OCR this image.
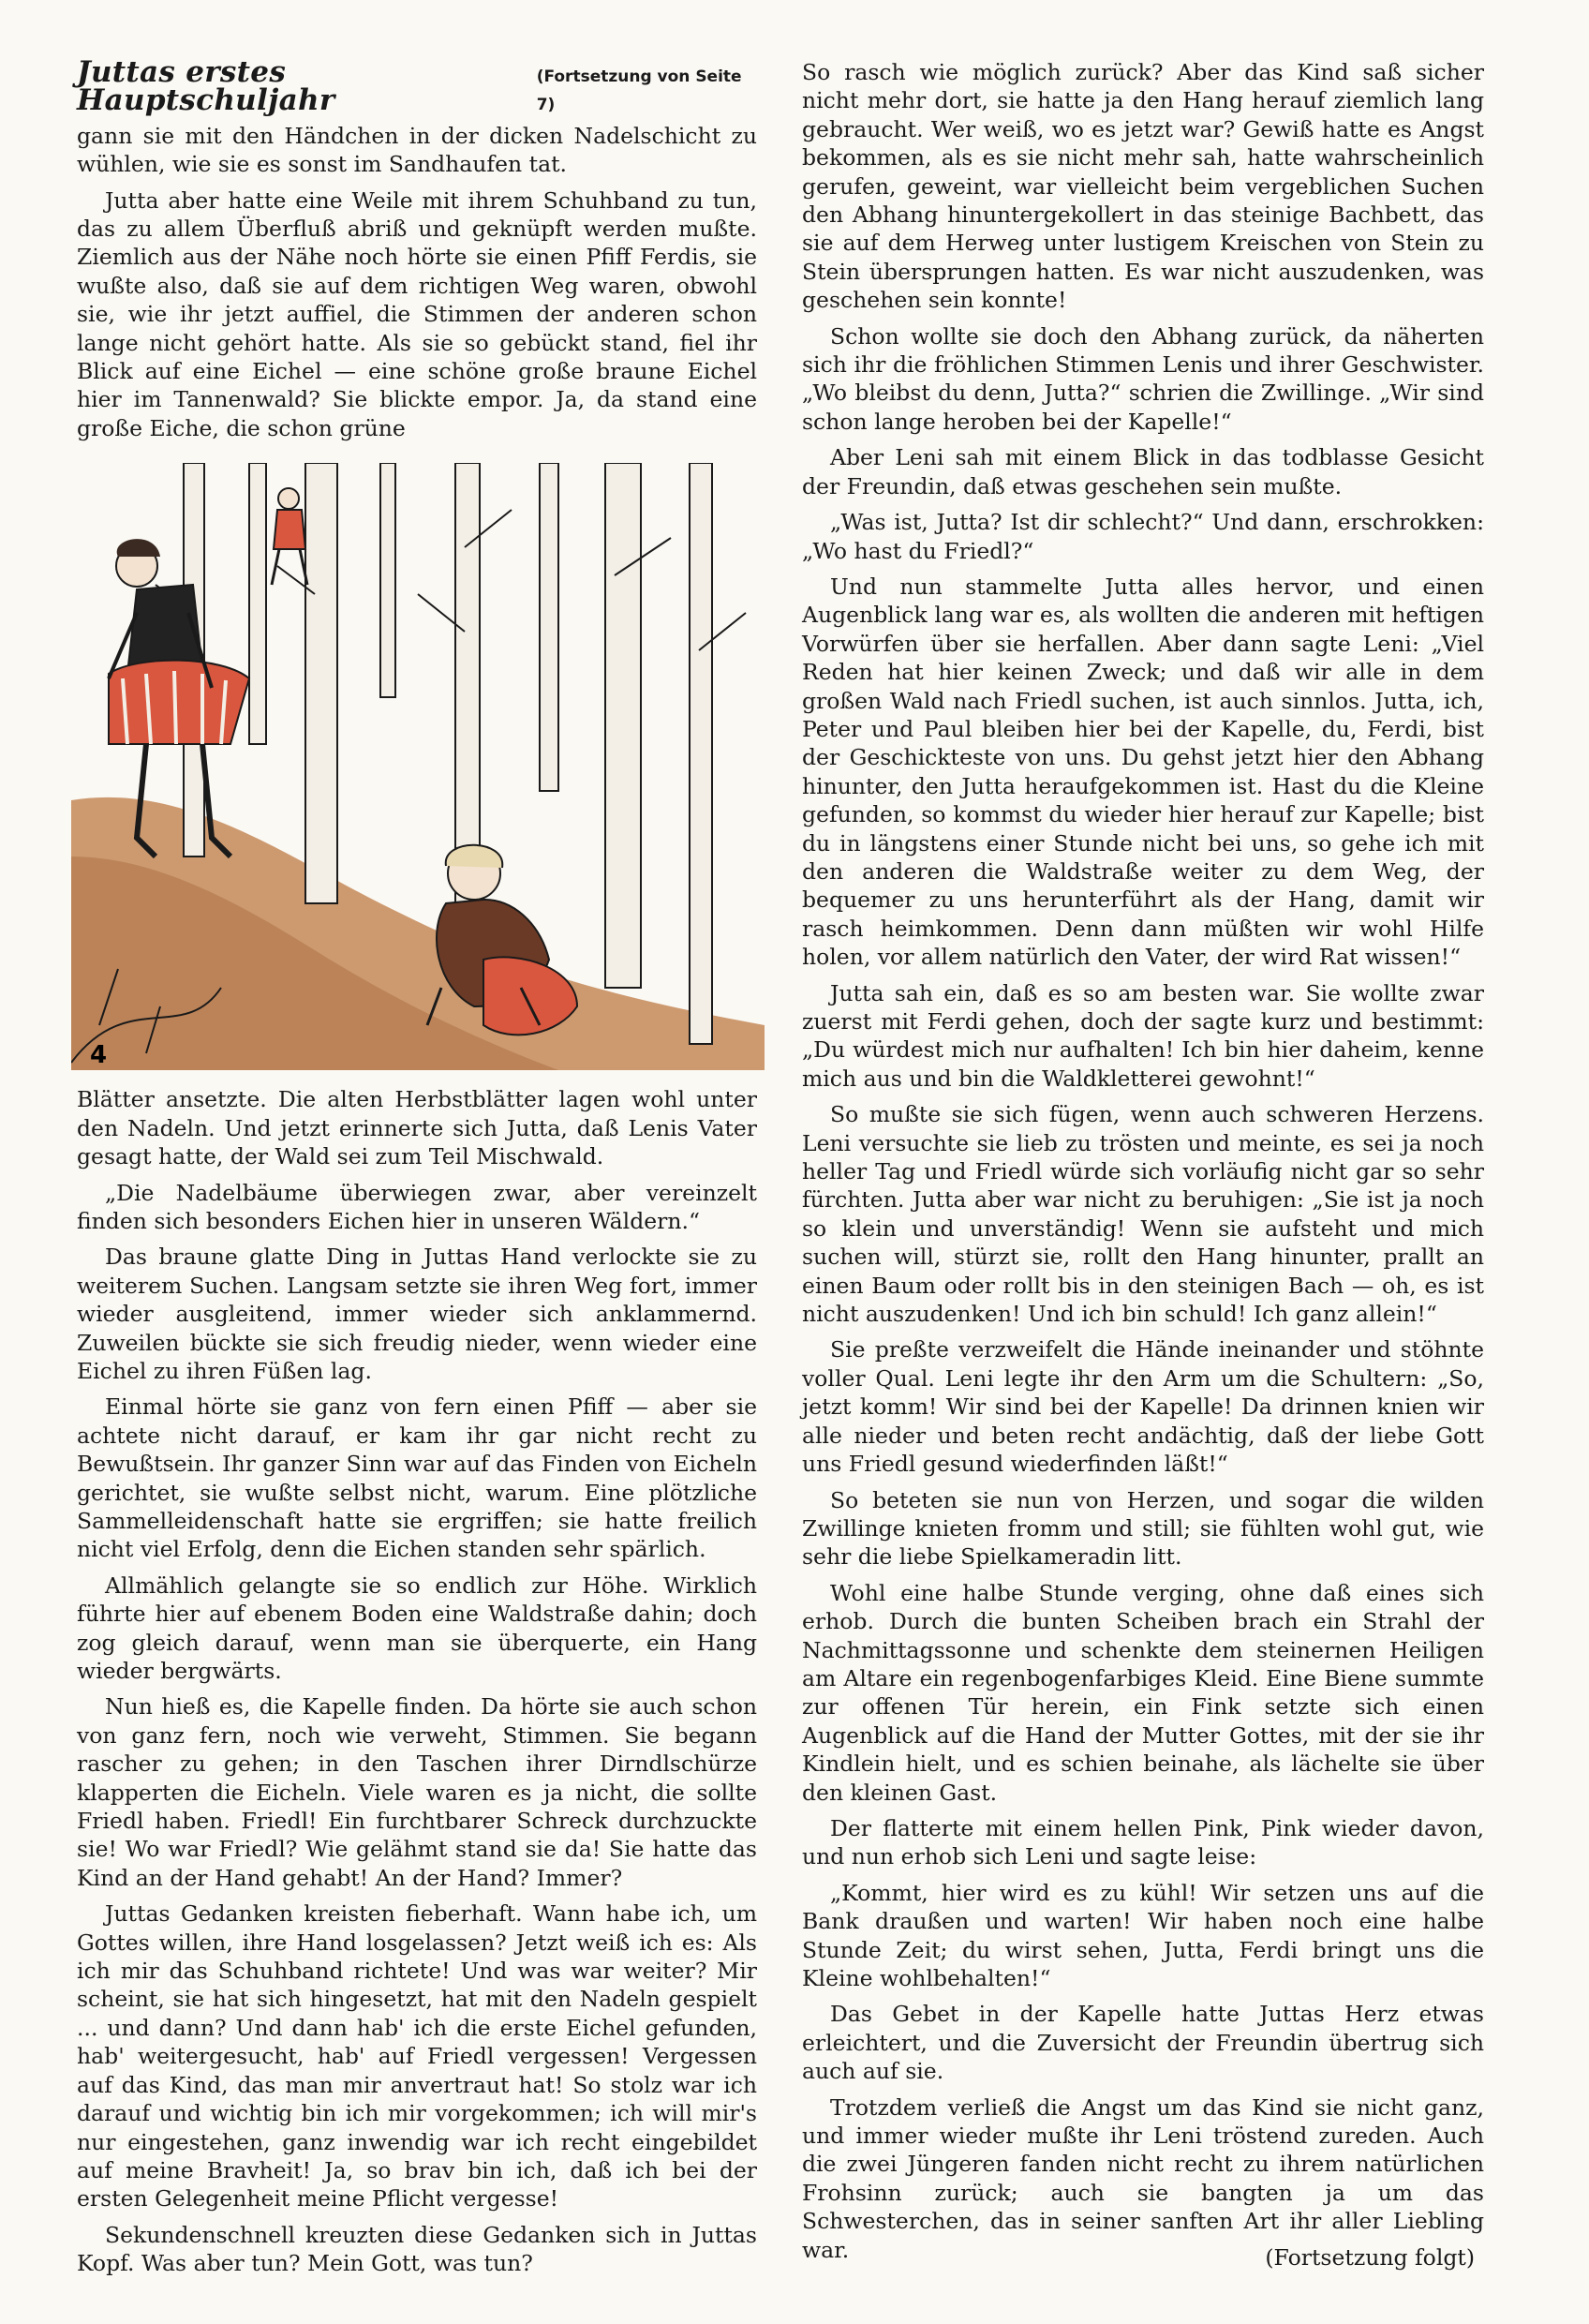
Juttas erstes Hauptschuljahr
(Fortsetzung von Seite 7)

gann sie mit den Händchen in der dicken Nadelschicht zu wühlen, wie sie es sonst im Sandhaufen tat.

Jutta aber hatte eine Weile mit ihrem Schuhband zu tun, das zu allem Überfluß abriß und geknüpft werden mußte. Ziemlich aus der Nähe noch hörte sie einen Pfiff Ferdis, sie wußte also, daß sie auf dem richtigen Weg waren, obwohl sie, wie ihr jetzt auffiel, die Stimmen der anderen schon lange nicht gehört hatte. Als sie so gebückt stand, fiel ihr Blick auf eine Eichel — eine schöne große braune Eichel hier im Tannenwald? Sie blickte empor. Ja, da stand eine große Eiche, die schon grüne

4

Blätter ansetzte. Die alten Herbstblätter lagen wohl unter den Nadeln. Und jetzt erinnerte sich Jutta, daß Lenis Vater gesagt hatte, der Wald sei zum Teil Mischwald.

„Die Nadelbäume überwiegen zwar, aber vereinzelt finden sich besonders Eichen hier in unseren Wäldern.“

Das braune glatte Ding in Juttas Hand verlockte sie zu weiterem Suchen. Langsam setzte sie ihren Weg fort, immer wieder ausgleitend, immer wieder sich anklammernd. Zuweilen bückte sie sich freudig nieder, wenn wieder eine Eichel zu ihren Füßen lag.

Einmal hörte sie ganz von fern einen Pfiff — aber sie achtete nicht darauf, er kam ihr gar nicht recht zu Bewußtsein. Ihr ganzer Sinn war auf das Finden von Eicheln gerichtet, sie wußte selbst nicht, warum. Eine plötzliche Sammelleidenschaft hatte sie ergriffen; sie hatte freilich nicht viel Erfolg, denn die Eichen standen sehr spärlich.

Allmählich gelangte sie so endlich zur Höhe. Wirklich führte hier auf ebenem Boden eine Waldstraße dahin; doch zog gleich darauf, wenn man sie überquerte, ein Hang wieder bergwärts.

Nun hieß es, die Kapelle finden. Da hörte sie auch schon von ganz fern, noch wie verweht, Stimmen. Sie begann rascher zu gehen; in den Taschen ihrer Dirndlschürze klapperten die Eicheln. Viele waren es ja nicht, die sollte Friedl haben. Friedl! Ein furchtbarer Schreck durchzuckte sie! Wo war Friedl? Wie gelähmt stand sie da! Sie hatte das Kind an der Hand gehabt! An der Hand? Immer?

Juttas Gedanken kreisten fieberhaft. Wann habe ich, um Gottes willen, ihre Hand losgelassen? Jetzt weiß ich es: Als ich mir das Schuhband richtete! Und was war weiter? Mir scheint, sie hat sich hingesetzt, hat mit den Nadeln gespielt ... und dann? Und dann hab' ich die erste Eichel gefunden, hab' weitergesucht, hab' auf Friedl vergessen! Vergessen auf das Kind, das man mir anvertraut hat! So stolz war ich darauf und wichtig bin ich mir vorgekommen; ich will mir's nur eingestehen, ganz inwendig war ich recht eingebildet auf meine Bravheit! Ja, so brav bin ich, daß ich bei der ersten Gelegenheit meine Pflicht vergesse!

Sekundenschnell kreuzten diese Gedanken sich in Juttas Kopf. Was aber tun? Mein Gott, was tun?

So rasch wie möglich zurück? Aber das Kind saß sicher nicht mehr dort, sie hatte ja den Hang herauf ziemlich lang gebraucht. Wer weiß, wo es jetzt war? Gewiß hatte es Angst bekommen, als es sie nicht mehr sah, hatte wahrscheinlich gerufen, geweint, war vielleicht beim vergeblichen Suchen den Abhang hinuntergekollert in das steinige Bachbett, das sie auf dem Herweg unter lustigem Kreischen von Stein zu Stein übersprungen hatten. Es war nicht auszudenken, was geschehen sein konnte!

Schon wollte sie doch den Abhang zurück, da näherten sich ihr die fröhlichen Stimmen Lenis und ihrer Geschwister. „Wo bleibst du denn, Jutta?“ schrien die Zwillinge. „Wir sind schon lange heroben bei der Kapelle!“

Aber Leni sah mit einem Blick in das todblasse Gesicht der Freundin, daß etwas geschehen sein mußte.

„Was ist, Jutta? Ist dir schlecht?“ Und dann, erschrokken: „Wo hast du Friedl?“

Und nun stammelte Jutta alles hervor, und einen Augenblick lang war es, als wollten die anderen mit heftigen Vorwürfen über sie herfallen. Aber dann sagte Leni: „Viel Reden hat hier keinen Zweck; und daß wir alle in dem großen Wald nach Friedl suchen, ist auch sinnlos. Jutta, ich, Peter und Paul bleiben hier bei der Kapelle, du, Ferdi, bist der Geschickteste von uns. Du gehst jetzt hier den Abhang hinunter, den Jutta heraufgekommen ist. Hast du die Kleine gefunden, so kommst du wieder hier herauf zur Kapelle; bist du in längstens einer Stunde nicht bei uns, so gehe ich mit den anderen die Waldstraße weiter zu dem Weg, der bequemer zu uns herunterführt als der Hang, damit wir rasch heimkommen. Denn dann müßten wir wohl Hilfe holen, vor allem natürlich den Vater, der wird Rat wissen!“

Jutta sah ein, daß es so am besten war. Sie wollte zwar zuerst mit Ferdi gehen, doch der sagte kurz und bestimmt: „Du würdest mich nur aufhalten! Ich bin hier daheim, kenne mich aus und bin die Waldkletterei gewohnt!“

So mußte sie sich fügen, wenn auch schweren Herzens. Leni versuchte sie lieb zu trösten und meinte, es sei ja noch heller Tag und Friedl würde sich vorläufig nicht gar so sehr fürchten. Jutta aber war nicht zu beruhigen: „Sie ist ja noch so klein und unverständig! Wenn sie aufsteht und mich suchen will, stürzt sie, rollt den Hang hinunter, prallt an einen Baum oder rollt bis in den steinigen Bach — oh, es ist nicht auszudenken! Und ich bin schuld! Ich ganz allein!“

Sie preßte verzweifelt die Hände ineinander und stöhnte voller Qual. Leni legte ihr den Arm um die Schultern: „So, jetzt komm! Wir sind bei der Kapelle! Da drinnen knien wir alle nieder und beten recht andächtig, daß der liebe Gott uns Friedl gesund wiederfinden läßt!“

So beteten sie nun von Herzen, und sogar die wilden Zwillinge knieten fromm und still; sie fühlten wohl gut, wie sehr die liebe Spielkameradin litt.

Wohl eine halbe Stunde verging, ohne daß eines sich erhob. Durch die bunten Scheiben brach ein Strahl der Nachmittagssonne und schenkte dem steinernen Heiligen am Altare ein regenbogenfarbiges Kleid. Eine Biene summte zur offenen Tür herein, ein Fink setzte sich einen Augenblick auf die Hand der Mutter Gottes, mit der sie ihr Kindlein hielt, und es schien beinahe, als lächelte sie über den kleinen Gast.

Der flatterte mit einem hellen Pink, Pink wieder davon, und nun erhob sich Leni und sagte leise:

„Kommt, hier wird es zu kühl! Wir setzen uns auf die Bank draußen und warten! Wir haben noch eine halbe Stunde Zeit; du wirst sehen, Jutta, Ferdi bringt uns die Kleine wohlbehalten!“

Das Gebet in der Kapelle hatte Juttas Herz etwas erleichtert, und die Zuversicht der Freundin übertrug sich auch auf sie.

Trotzdem verließ die Angst um das Kind sie nicht ganz, und immer wieder mußte ihr Leni tröstend zureden. Auch die zwei Jüngeren fanden nicht recht zu ihrem natürlichen Frohsinn zurück; auch sie bangten ja um das Schwesterchen, das in seiner sanften Art ihr aller Liebling war.	(Fortsetzung folgt)
